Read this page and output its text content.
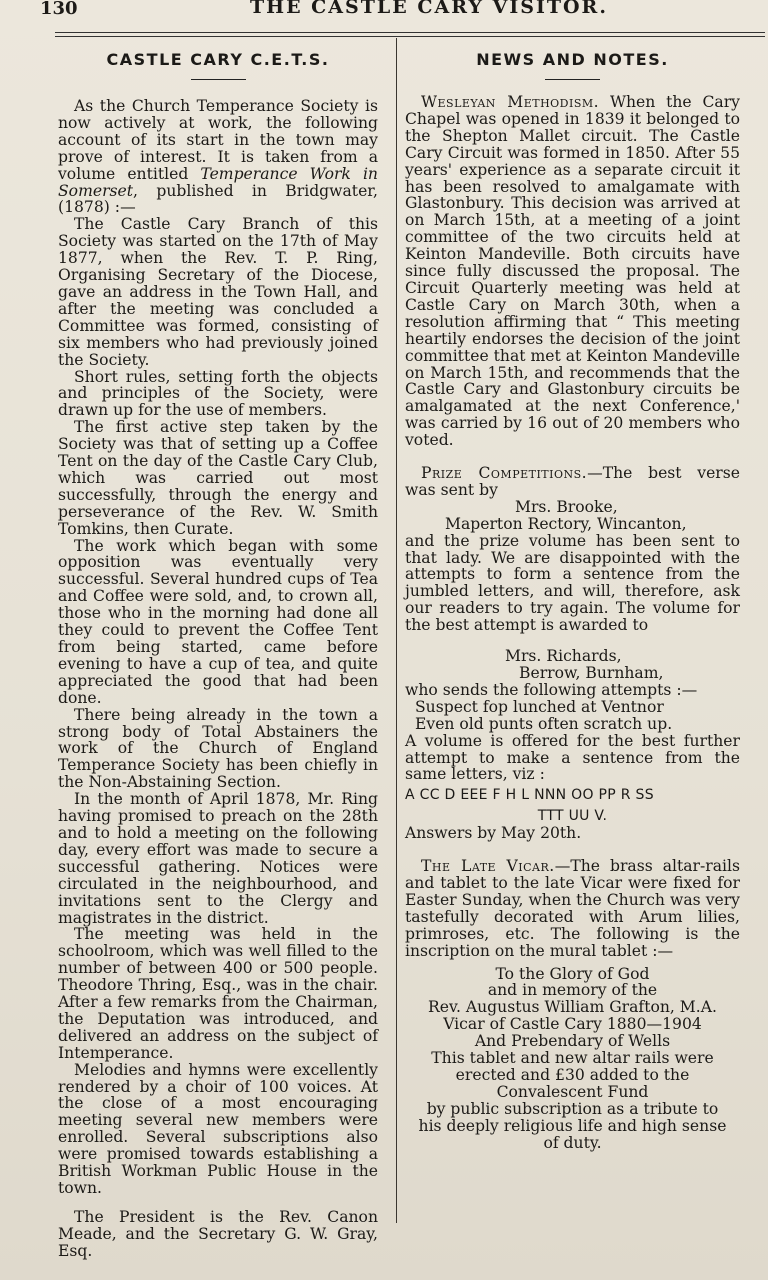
130	THE CASTLE CARY VISITOR.
CASTLE CARY C.E.T.S.

As the Church Temperance Society is now actively at work, the following account of its start in the town may prove of interest. It is taken from a volume entitled Temperance Work in Somerset, published in Bridgwater, (1878) :—

The Castle Cary Branch of this Society was started on the 17th of May 1877, when the Rev. T. P. Ring, Organising Secretary of the Diocese, gave an address in the Town Hall, and after the meeting was concluded a Committee was formed, consisting of six members who had previously joined the Society.

Short rules, setting forth the objects and principles of the Society, were drawn up for the use of members.

The first active step taken by the Society was that of setting up a Coffee Tent on the day of the Castle Cary Club, which was carried out most successfully, through the energy and perseverance of the Rev. W. Smith Tomkins, then Curate.

The work which began with some opposition was eventually very successful. Several hundred cups of Tea and Coffee were sold, and, to crown all, those who in the morning had done all they could to prevent the Coffee Tent from being started, came before evening to have a cup of tea, and quite appreciated the good that had been done.

There being already in the town a strong body of Total Abstainers the work of the Church of England Temperance Society has been chiefly in the Non-Abstaining Section.

In the month of April 1878, Mr. Ring having promised to preach on the 28th and to hold a meeting on the following day, every effort was made to secure a successful gathering. Notices were circulated in the neighbourhood, and invitations sent to the Clergy and magistrates in the district.

The meeting was held in the schoolroom, which was well filled to the number of between 400 or 500 people. Theodore Thring, Esq., was in the chair. After a few remarks from the Chairman, the Deputation was introduced, and delivered an address on the subject of Intemperance.

Melodies and hymns were excellently rendered by a choir of 100 voices. At the close of a most encouraging meeting several new members were enrolled. Several subscriptions also were promised towards establishing a British Workman Public House in the town.

The President is the Rev. Canon Meade, and the Secretary G. W. Gray, Esq.

NEWS AND NOTES.

Wesleyan Methodism. When the Cary Chapel was opened in 1839 it belonged to the Shepton Mallet circuit. The Castle Cary Circuit was formed in 1850. After 55 years' experience as a separate circuit it has been resolved to amalgamate with Glastonbury. This decision was arrived at on March 15th, at a meeting of a joint committee of the two circuits held at Keinton Mandeville. Both circuits have since fully discussed the proposal. The Circuit Quarterly meeting was held at Castle Cary on March 30th, when a resolution affirming that “ This meeting heartily endorses the decision of the joint committee that met at Keinton Mandeville on March 15th, and recommends that the Castle Cary and Glastonbury circuits be amalgamated at the next Conference,' was carried by 16 out of 20 members who voted.

Prize Competitions.—The best verse was sent by

Mrs. Brooke,

Maperton Rectory, Wincanton,

and the prize volume has been sent to that lady. We are disappointed with the attempts to form a sentence from the jumbled letters, and will, therefore, ask our readers to try again. The volume for the best attempt is awarded to

Mrs. Richards,

Berrow, Burnham,

who sends the following attempts :—

Suspect fop lunched at Ventnor

Even old punts often scratch up.

A volume is offered for the best further attempt to make a sentence from the same letters, viz :

A CC D EEE F H L NNN OO PP R SS

TTT UU V.

Answers by May 20th.

The Late Vicar.—The brass altar-rails and tablet to the late Vicar were fixed for Easter Sunday, when the Church was very tastefully decorated with Arum lilies, primroses, etc. The following is the inscription on the mural tablet :—

To the Glory of God

and in memory of the

Rev. Augustus William Grafton, M.A.

Vicar of Castle Cary 1880—1904

And Prebendary of Wells

This tablet and new altar rails were

erected and £30 added to the

Convalescent Fund

by public subscription as a tribute to

his deeply religious life and high sense

of duty.
